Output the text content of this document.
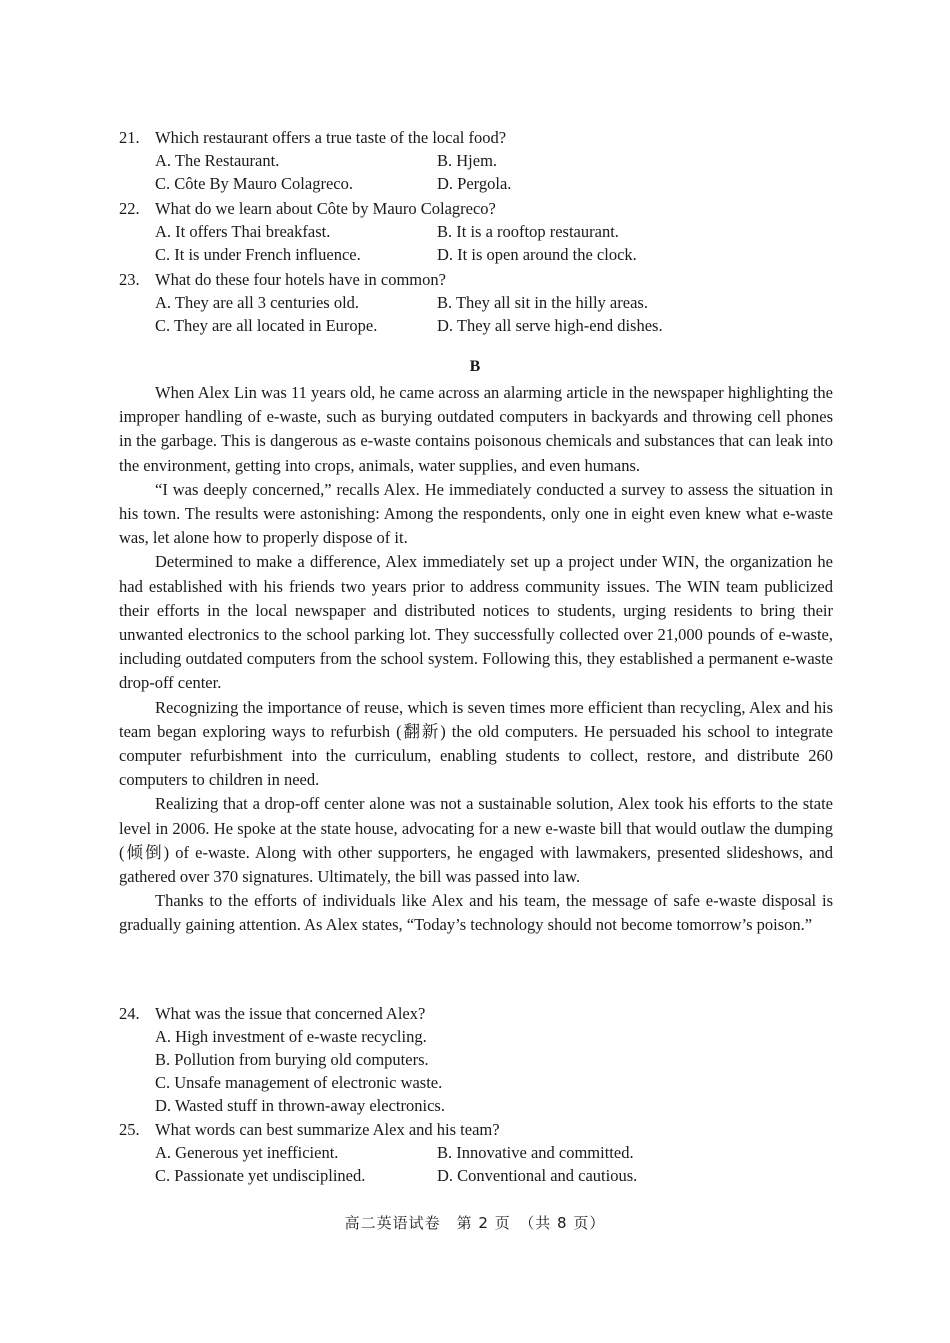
21. Which restaurant offers a true taste of the local food?
A. The Restaurant.	B. Hjem.
C. Côte By Mauro Colagreco.	D. Pergola.
22. What do we learn about Côte by Mauro Colagreco?
A. It offers Thai breakfast.	B. It is a rooftop restaurant.
C. It is under French influence.	D. It is open around the clock.
23. What do these four hotels have in common?
A. They are all 3 centuries old.	B. They all sit in the hilly areas.
C. They are all located in Europe.	D. They all serve high-end dishes.
B

When Alex Lin was 11 years old, he came across an alarming article in the newspaper highlighting the improper handling of e-waste, such as burying outdated computers in backyards and throwing cell phones in the garbage. This is dangerous as e-waste contains poisonous chemicals and substances that can leak into the environment, getting into crops, animals, water supplies, and even humans.

“I was deeply concerned,” recalls Alex. He immediately conducted a survey to assess the situation in his town. The results were astonishing: Among the respondents, only one in eight even knew what e-waste was, let alone how to properly dispose of it.

Determined to make a difference, Alex immediately set up a project under WIN, the organization he had established with his friends two years prior to address community issues. The WIN team publicized their efforts in the local newspaper and distributed notices to students, urging residents to bring their unwanted electronics to the school parking lot. They successfully collected over 21,000 pounds of e-waste, including outdated computers from the school system. Following this, they established a permanent e-waste drop-off center.

Recognizing the importance of reuse, which is seven times more efficient than recycling, Alex and his team began exploring ways to refurbish (翻新) the old computers. He persuaded his school to integrate computer refurbishment into the curriculum, enabling students to collect, restore, and distribute 260 computers to children in need.

Realizing that a drop-off center alone was not a sustainable solution, Alex took his efforts to the state level in 2006. He spoke at the state house, advocating for a new e-waste bill that would outlaw the dumping (倾倒) of e-waste. Along with other supporters, he engaged with lawmakers, presented slideshows, and gathered over 370 signatures. Ultimately, the bill was passed into law.

Thanks to the efforts of individuals like Alex and his team, the message of safe e-waste disposal is gradually gaining attention. As Alex states, “Today’s technology should not become tomorrow’s poison.”

24. What was the issue that concerned Alex?
A. High investment of e-waste recycling.
B. Pollution from burying old computers.
C. Unsafe management of electronic waste.
D. Wasted stuff in thrown-away electronics.
25. What words can best summarize Alex and his team?
A. Generous yet inefficient.	B. Innovative and committed.
C. Passionate yet undisciplined.	D. Conventional and cautious.
高二英语试卷　第 2 页　（共 8 页）
